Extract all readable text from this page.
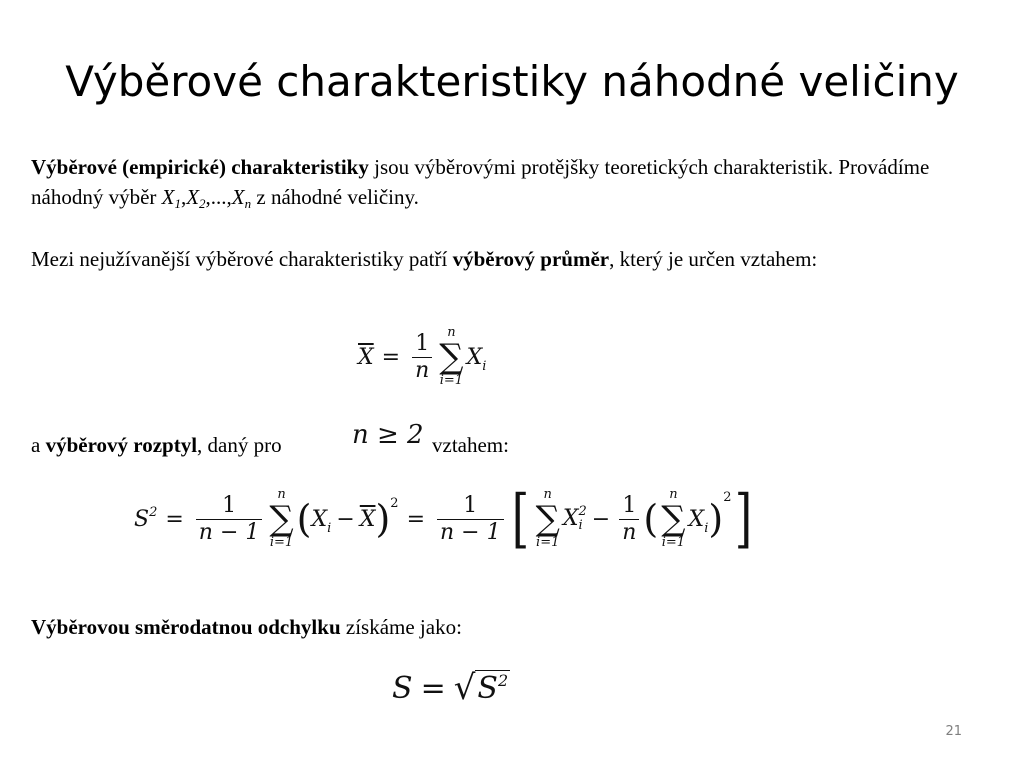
Výběrové charakteristiky náhodné veličiny
Výběrové (empirické) charakteristiky jsou výběrovými protějšky teoretických charakteristik. Provádíme náhodný výběr $X_1,X_2,...,X_n$ z náhodné veličiny.
Mezi nejužívanější výběrové charakteristiky patří výběrový průměr, který je určen vztahem:
$\overline{X} = \frac{1}{n}$ n
∑
i=1
$X_i$
a výběrový rozptyl, daný pro	n ≥ 2 vztahem:
$S^2 = \frac{1}{n - 1}$ n
∑
i=1
( $X_i - \overline{X}$ ) 2
= $\frac{1}{n - 1}$ [ n
∑
i=1
X 2
$i - \frac{1}{n}$ (
n
∑
i=1
$X_i$ ) 2 ]
Výběrovou směrodatnou odchylku získáme jako:
S = √ $S^2$
21
